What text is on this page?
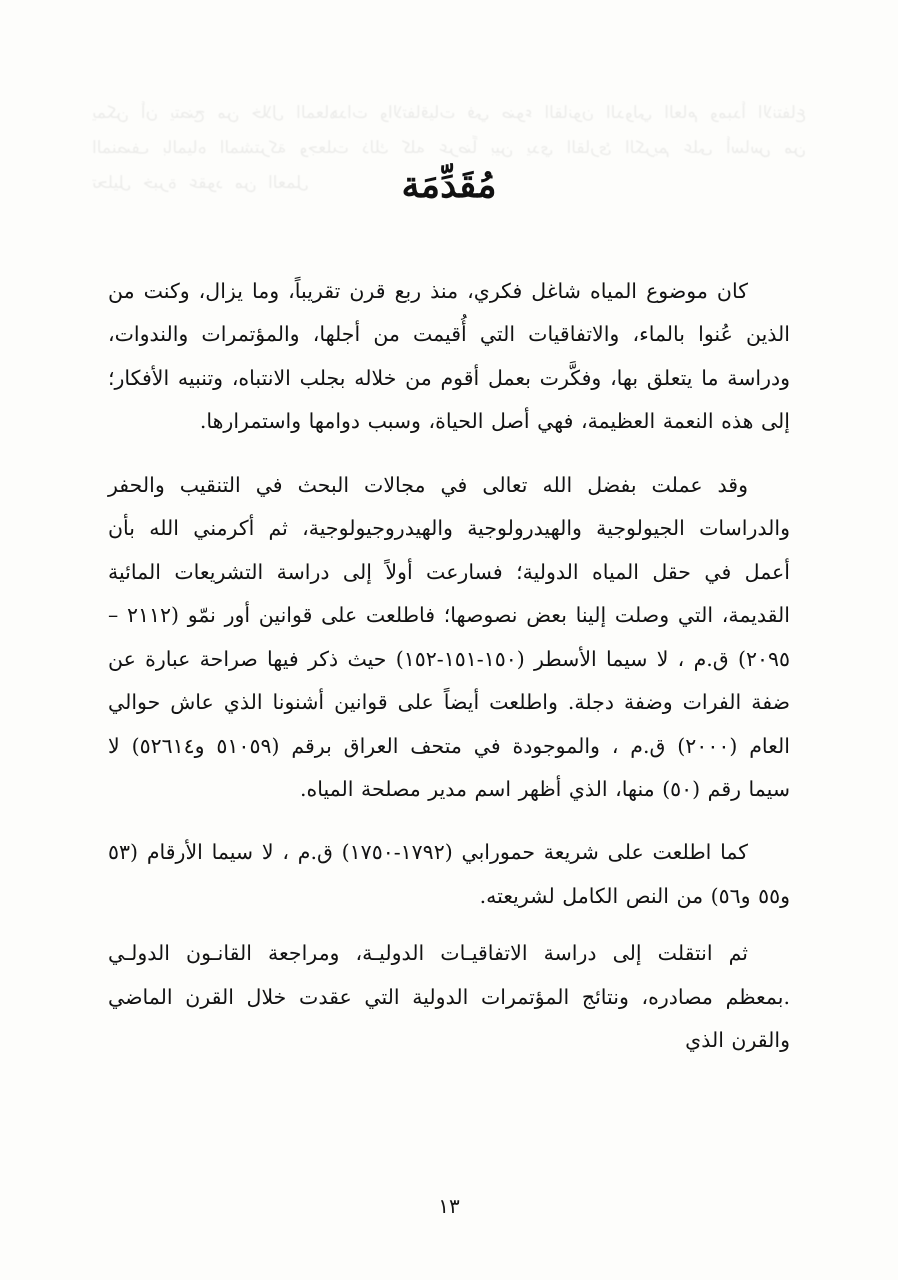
يمكن أن يتضح من خلال المعاهدات والاتفاقيات في ضوء القانون الدولي العام ومبدأ الانتفاع المنصف بالمياه المشتركة وجعلت ذلك كله عرضاً بين يدي القارئ الكريم على أساس من تحليل خبرة عقود من العمل	مُقَدِّمَة

كان موضوع المياه شاغل فكري، منذ ربع قرن تقريباً، وما يزال، وكنت من الذين عُنوا بالماء، والاتفاقيات التي أُقيمت من أجلها، والمؤتمرات والندوات، ودراسة ما يتعلق بها، وفكَّرت بعمل أقوم من خلاله بجلب الانتباه، وتنبيه الأفكار؛ إلى هذه النعمة العظيمة، فهي أصل الحياة، وسبب دوامها واستمرارها.

وقد عملت بفضل الله تعالى في مجالات البحث في التنقيب والحفر والدراسات الجيولوجية والهيدرولوجية والهيدروجيولوجية، ثم أكرمني الله بأن أعمل في حقل المياه الدولية؛ فسارعت أولاً إلى دراسة التشريعات المائية القديمة، التي وصلت إلينا بعض نصوصها؛ فاطلعت على قوانين أور نمّو (٢١١٢ – ٢٠٩٥) ق.م ، لا سيما الأسطر (١٥٠-١٥١-١٥٢) حيث ذكر فيها صراحة عبارة عن ضفة الفرات وضفة دجلة. واطلعت أيضاً على قوانين أشنونا الذي عاش حوالي العام (٢٠٠٠) ق.م ، والموجودة في متحف العراق برقم (٥١٠٥٩ و٥٢٦١٤) لا سيما رقم (٥٠) منها، الذي أظهر اسم مدير مصلحة المياه.

كما اطلعت على شريعة حمورابي (١٧٩٢-١٧٥٠) ق.م ، لا سيما الأرقام (٥٣ و٥٥ و٥٦) من النص الكامل لشريعته.

ثم انتقلت إلى دراسة الاتفاقيـات الدوليـة، ومراجعة القانـون الدولـي .بمعظم مصادره، ونتائج المؤتمرات الدولية التي عقدت خلال القرن الماضي والقرن الذي

١٣
